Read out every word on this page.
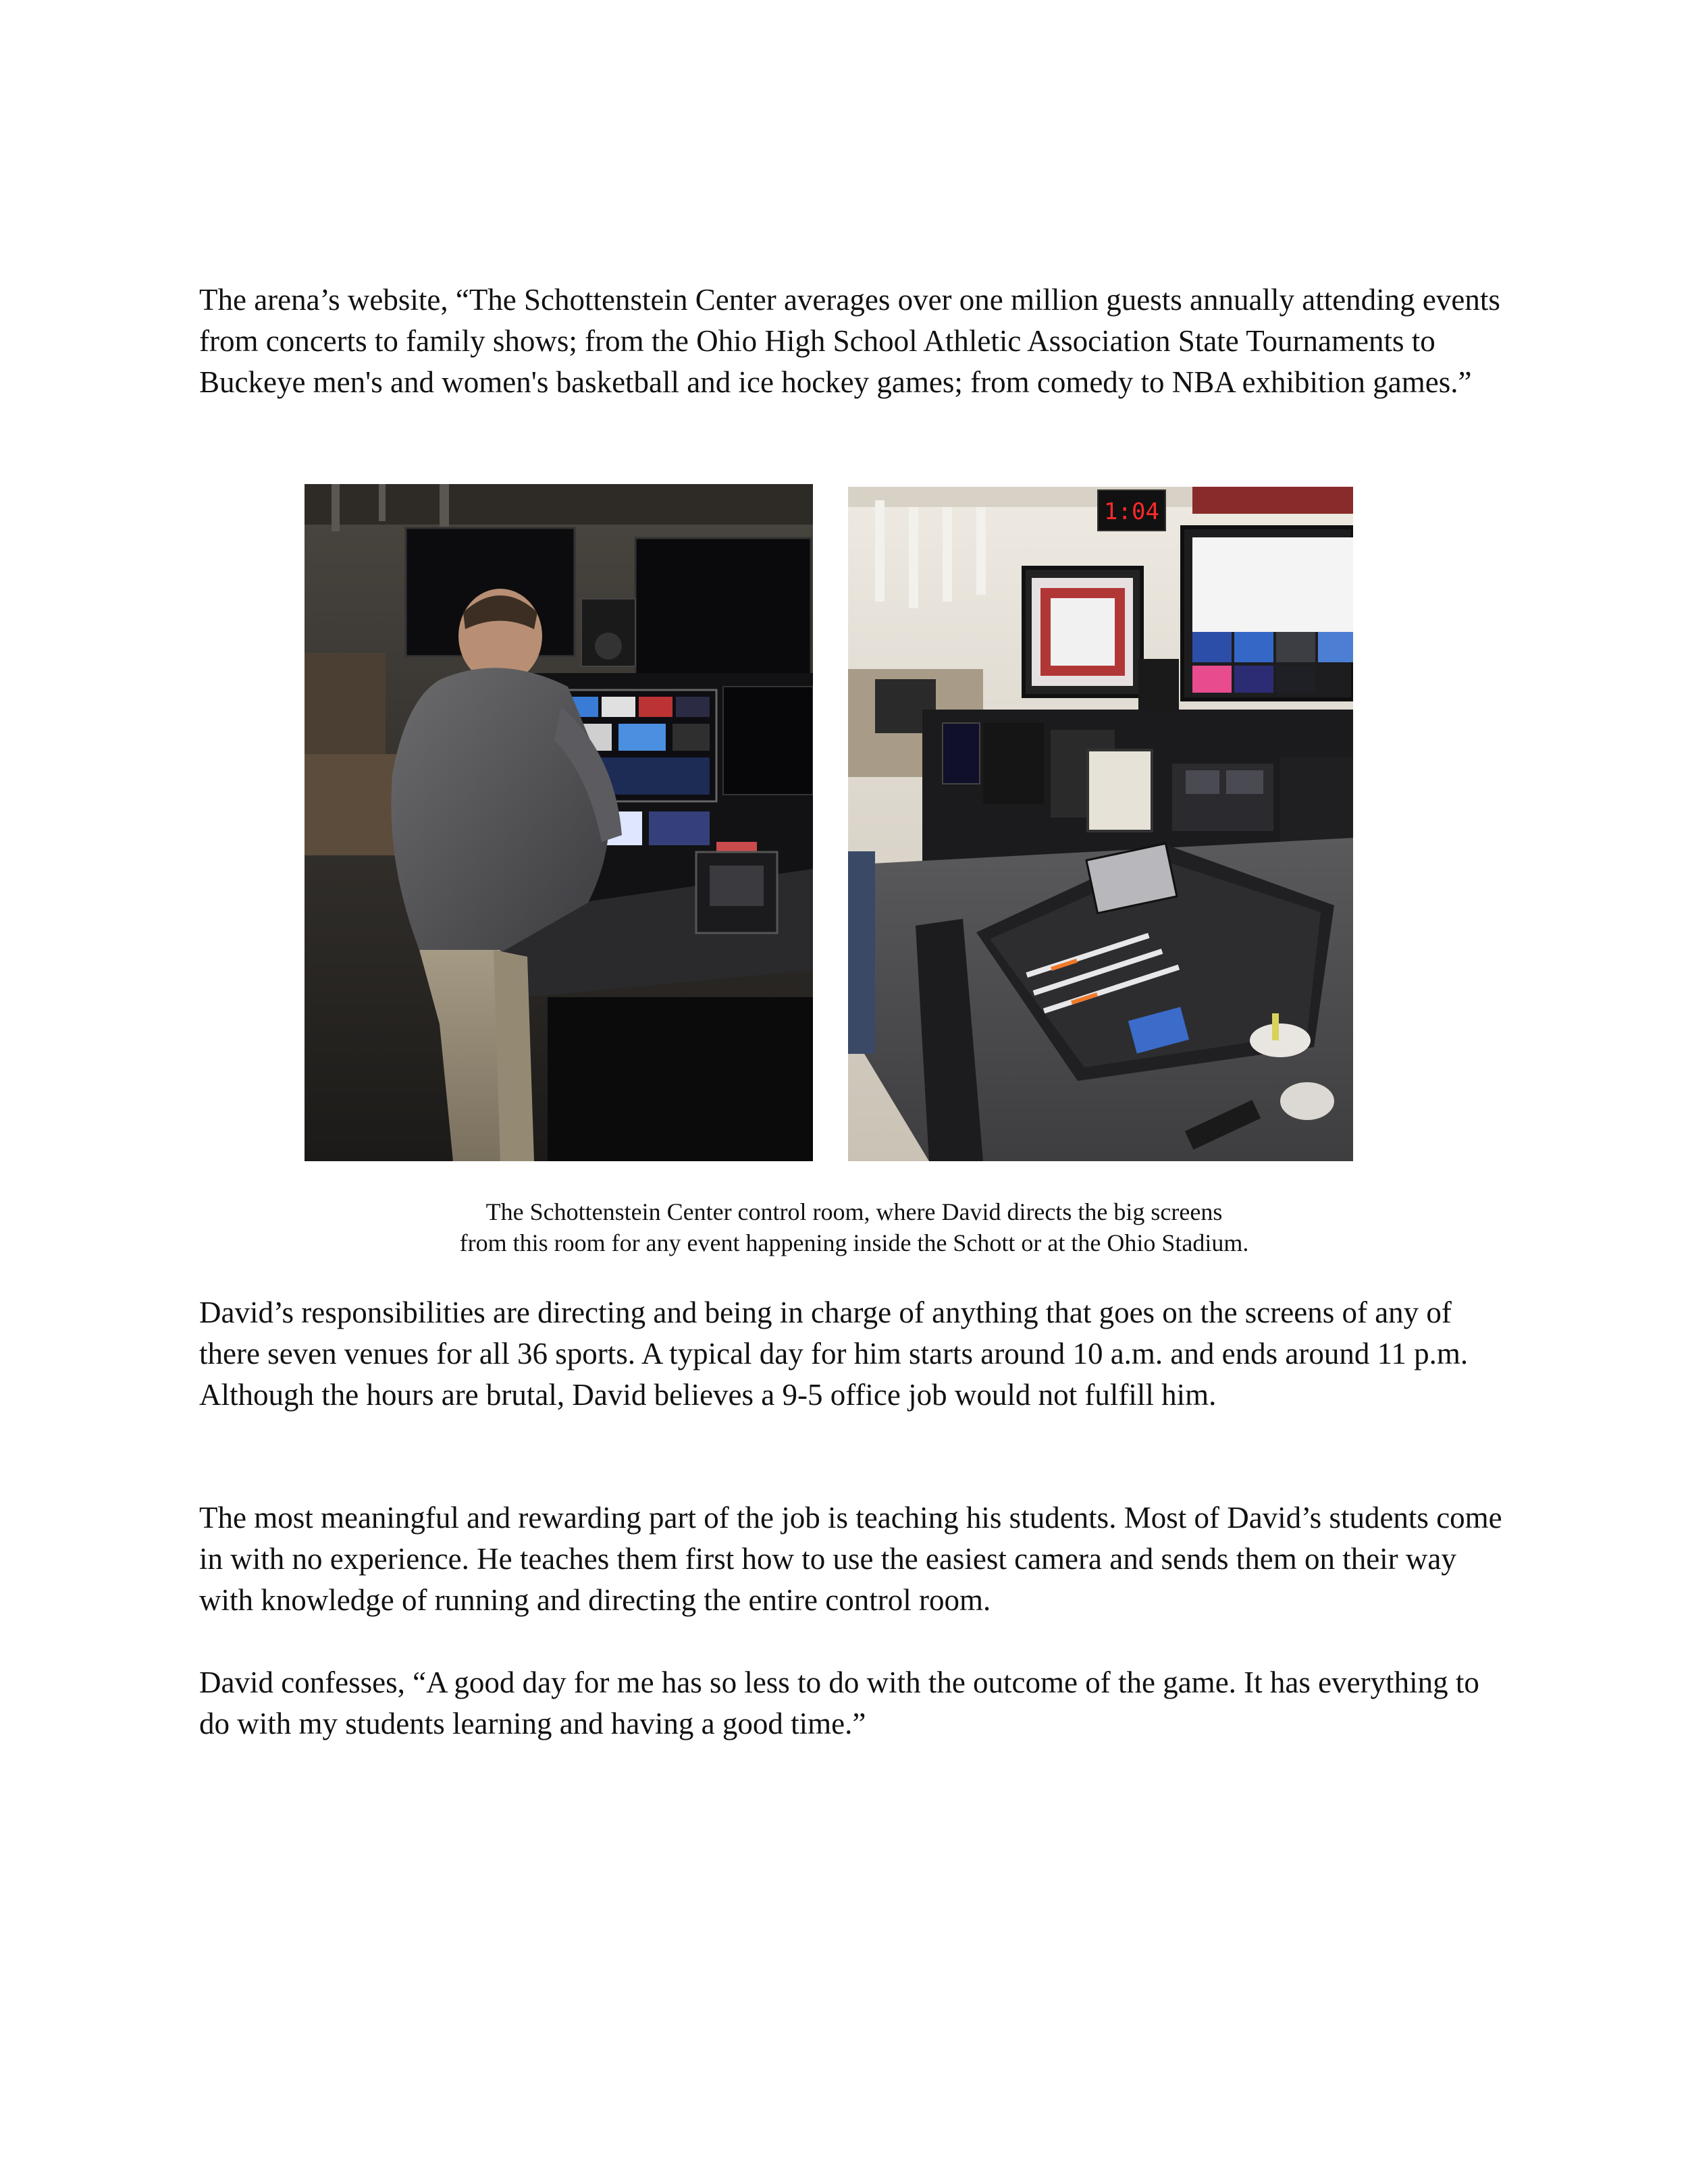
The arena’s website, “The Schottenstein Center averages over one million guests annually attending events from concerts to family shows; from the Ohio High School Athletic Association State Tournaments to Buckeye men's and women's basketball and ice hockey games; from comedy to NBA exhibition games.”

1:04

The Schottenstein Center control room, where David directs the big screens

from this room for any event happening inside the Schott or at the Ohio Stadium.

David’s responsibilities are directing and being in charge of anything that goes on the screens of any of there seven venues for all 36 sports. A typical day for him starts around 10 a.m. and ends around 11 p.m. Although the hours are brutal, David believes a 9-5 office job would not fulfill him.

The most meaningful and rewarding part of the job is teaching his students. Most of David’s students come in with no experience. He teaches them first how to use the easiest camera and sends them on their way with knowledge of running and directing the entire control room.

David confesses, “A good day for me has so less to do with the outcome of the game. It has everything to do with my students learning and having a good time.”
